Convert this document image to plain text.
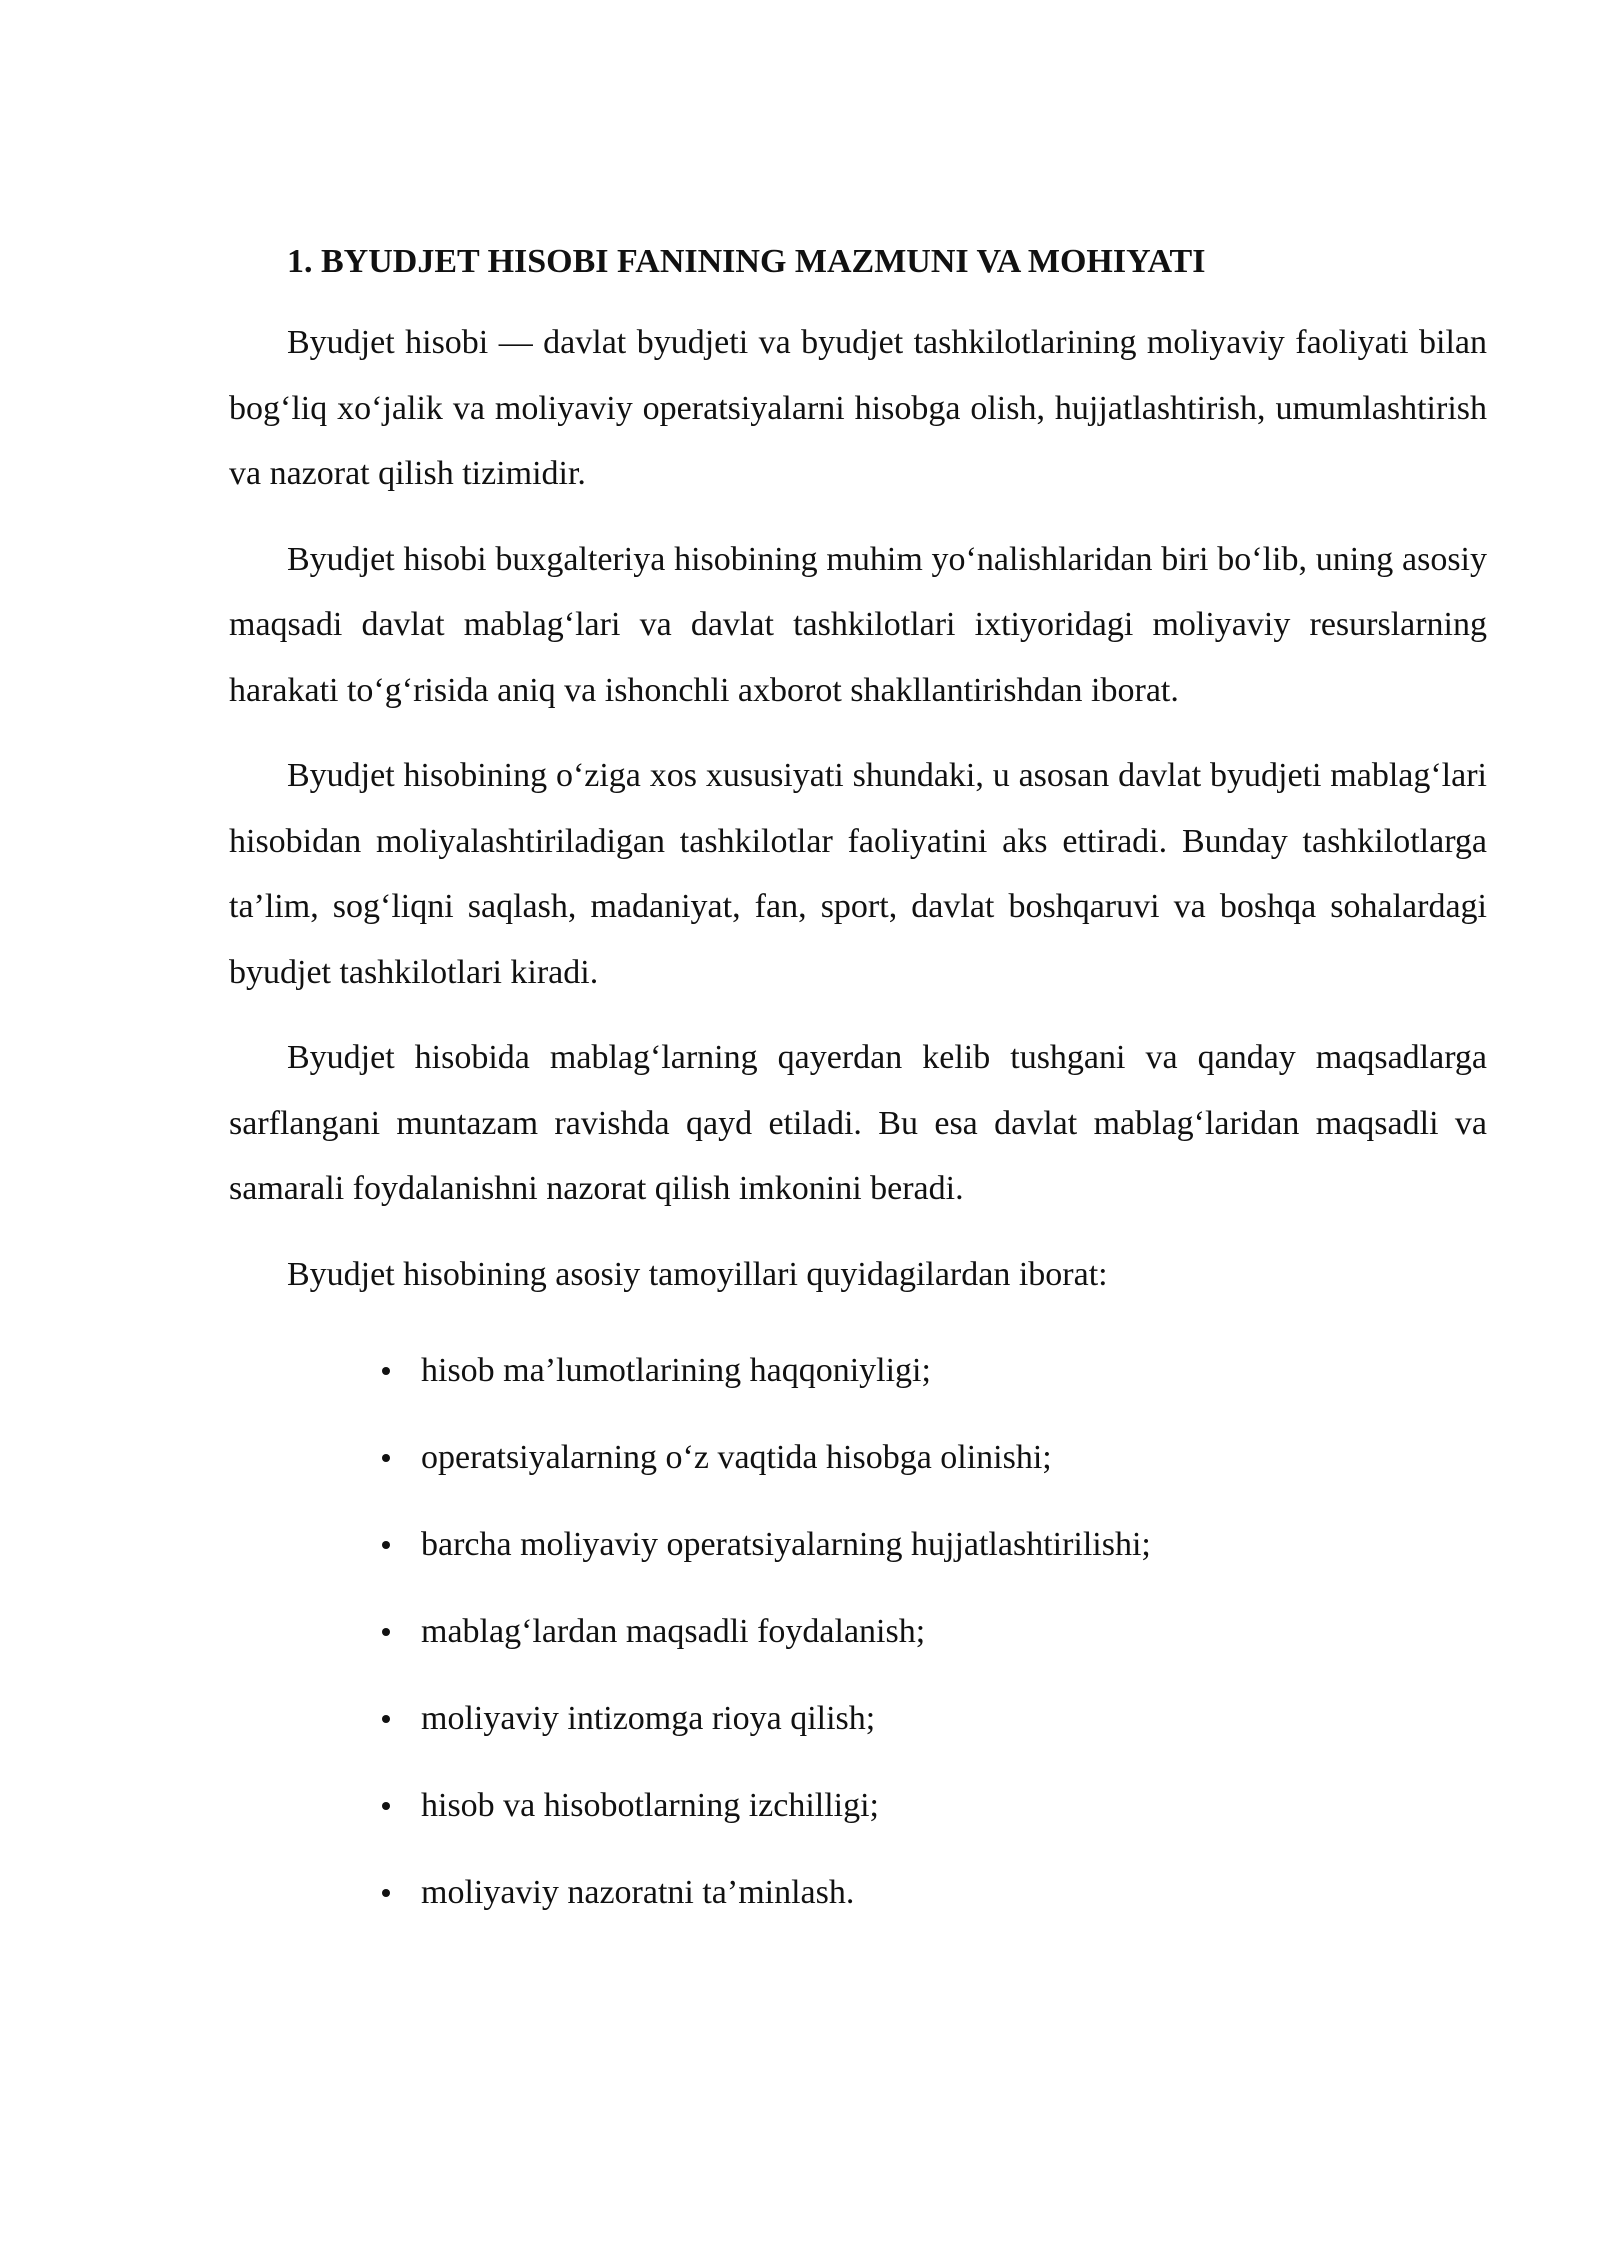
1. BYUDJET HISOBI FANINING MAZMUNI VA MOHIYATI

Byudjet hisobi — davlat byudjeti va byudjet tashkilotlarining moliyaviy faoliyati bilan bog‘liq xo‘jalik va moliyaviy operatsiyalarni hisobga olish, hujjatlashtirish, umumlashtirish va nazorat qilish tizimidir.

Byudjet hisobi buxgalteriya hisobining muhim yo‘nalishlaridan biri bo‘lib, uning asosiy maqsadi davlat mablag‘lari va davlat tashkilotlari ixtiyoridagi moliyaviy resurslarning harakati to‘g‘risida aniq va ishonchli axborot shakllantirishdan iborat.

Byudjet hisobining o‘ziga xos xususiyati shundaki, u asosan davlat byudjeti mablag‘lari hisobidan moliyalashtiriladigan tashkilotlar faoliyatini aks ettiradi. Bunday tashkilotlarga ta’lim, sog‘liqni saqlash, madaniyat, fan, sport, davlat boshqaruvi va boshqa sohalardagi byudjet tashkilotlari kiradi.

Byudjet hisobida mablag‘larning qayerdan kelib tushgani va qanday maqsadlarga sarflangani muntazam ravishda qayd etiladi. Bu esa davlat mablag‘laridan maqsadli va samarali foydalanishni nazorat qilish imkonini beradi.

Byudjet hisobining asosiy tamoyillari quyidagilardan iborat:

hisob ma’lumotlarining haqqoniyligi;
operatsiyalarning o‘z vaqtida hisobga olinishi;
barcha moliyaviy operatsiyalarning hujjatlashtirilishi;
mablag‘lardan maqsadli foydalanish;
moliyaviy intizomga rioya qilish;
hisob va hisobotlarning izchilligi;
moliyaviy nazoratni ta’minlash.
